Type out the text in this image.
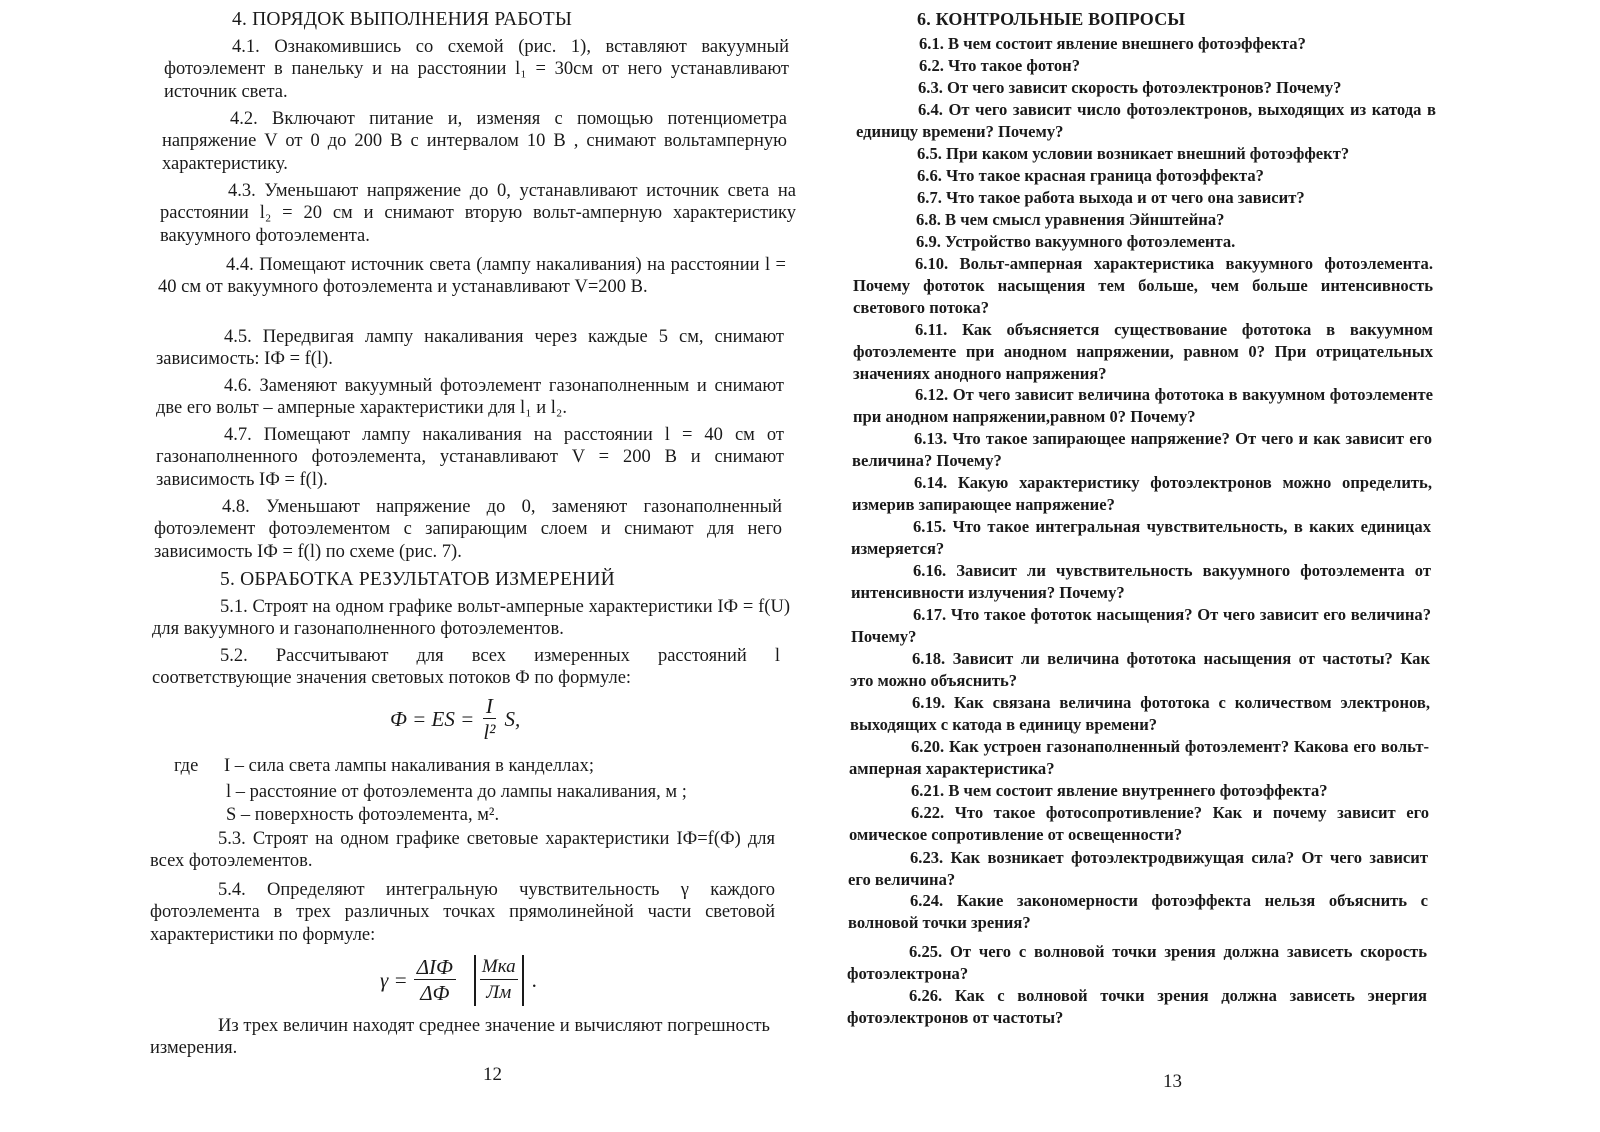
4. ПОРЯДОК ВЫПОЛНЕНИЯ РАБОТЫ
4.1. Ознакомившись со схемой (рис. 1), вставляют вакуумный фотоэлемент в панельку и на расстоянии l₁ = 30см от него устанавливают источник света.
4.2. Включают питание и, изменяя с помощью потенциометра напряжение V от 0 до 200 В с интервалом 10 В , снимают вольтамперную характеристику.
4.3. Уменьшают напряжение до 0, устанавливают источник света на расстоянии l₂ = 20 см и снимают вторую вольт-амперную характеристику вакуумного фотоэлемента.
4.4. Помещают источник света (лампу накаливания) на расстоянии l = 40 см от вакуумного фотоэлемента и устанавливают V=200 В.
4.5. Передвигая лампу накаливания через каждые 5 см, снимают зависимость: IФ = f(l).
4.6. Заменяют вакуумный фотоэлемент газонаполненным и снимают две его вольт – амперные характеристики для l₁ и l₂.
4.7. Помещают лампу накаливания на расстоянии l = 40 см от газонаполненного фотоэлемента, устанавливают V = 200 В и снимают зависимость IФ = f(l).
4.8. Уменьшают напряжение до 0, заменяют газонаполненный фотоэлемент фотоэлементом с запирающим слоем и снимают для него зависимость IФ = f(l) по схеме (рис. 7).
5. ОБРАБОТКА РЕЗУЛЬТАТОВ ИЗМЕРЕНИЙ
5.1. Строят на одном графике вольт-амперные характеристики IФ = f(U) для вакуумного и газонаполненного фотоэлементов.
5.2. Рассчитывают для всех измеренных расстояний l соответствующие значения световых потоков Ф по формуле:
Ф = ES = $\frac{I}{\text{l²}} S$,
где I – сила света лампы накаливания в канделлах;
l – расстояние от фотоэлемента до лампы накаливания, м ;
S – поверхность фотоэлемента, м².
5.3. Строят на одном графике световые характеристики IФ=f(Ф) для всех фотоэлементов.
5.4. Определяют интегральную чувствительность γ каждого фотоэлемента в трех различных точках прямолинейной части световой характеристики по формуле:
$\gamma = \frac{\text{ΔIФ}}{\Delta Ф} \frac{\text{Мка}}{Лм}$ .
Из трех величин находят среднее значение и вычисляют погрешность измерения.
12
6. КОНТРОЛЬНЫЕ ВОПРОСЫ
6.1. В чем состоит явление внешнего фотоэффекта?
6.2. Что такое фотон?
6.3. От чего зависит скорость фотоэлектронов? Почему?
6.4. От чего зависит число фотоэлектронов, выходящих из катода в единицу времени? Почему?
6.5. При каком условии возникает внешний фотоэффект?
6.6. Что такое красная граница фотоэффекта?
6.7. Что такое работа выхода и от чего она зависит?
6.8. В чем смысл уравнения Эйнштейна?
6.9. Устройство вакуумного фотоэлемента.
6.10. Вольт-амперная характеристика вакуумного фотоэлемента. Почему фототок насыщения тем больше, чем больше интенсивность светового потока?
6.11. Как объясняется существование фототока в вакуумном фотоэлементе при анодном напряжении, равном 0? При отрицательных значениях анодного напряжения?
6.12. От чего зависит величина фототока в вакуумном фотоэлементе при анодном напряжении,равном 0? Почему?
6.13. Что такое запирающее напряжение? От чего и как зависит его величина? Почему?
6.14. Какую характеристику фотоэлектронов можно определить, измерив запирающее напряжение?
6.15. Что такое интегральная чувствительность, в каких единицах измеряется?
6.16. Зависит ли чувствительность вакуумного фотоэлемента от интенсивности излучения? Почему?
6.17. Что такое фототок насыщения? От чего зависит его величина? Почему?
6.18. Зависит ли величина фототока насыщения от частоты? Как это можно объяснить?
6.19. Как связана величина фототока с количеством электронов, выходящих с катода в единицу времени?
6.20. Как устроен газонаполненный фотоэлемент? Какова его вольт-амперная характеристика?
6.21. В чем состоит явление внутреннего фотоэффекта?
6.22. Что такое фотосопротивление? Как и почему зависит его омическое сопротивление от освещенности?
6.23. Как возникает фотоэлектродвижущая сила? От чего зависит его величина?
6.24. Какие закономерности фотоэффекта нельзя объяснить с волновой точки зрения?
6.25. От чего с волновой точки зрения должна зависеть скорость фотоэлектрона?
6.26. Как с волновой точки зрения должна зависеть энергия фотоэлектронов от частоты?
13
